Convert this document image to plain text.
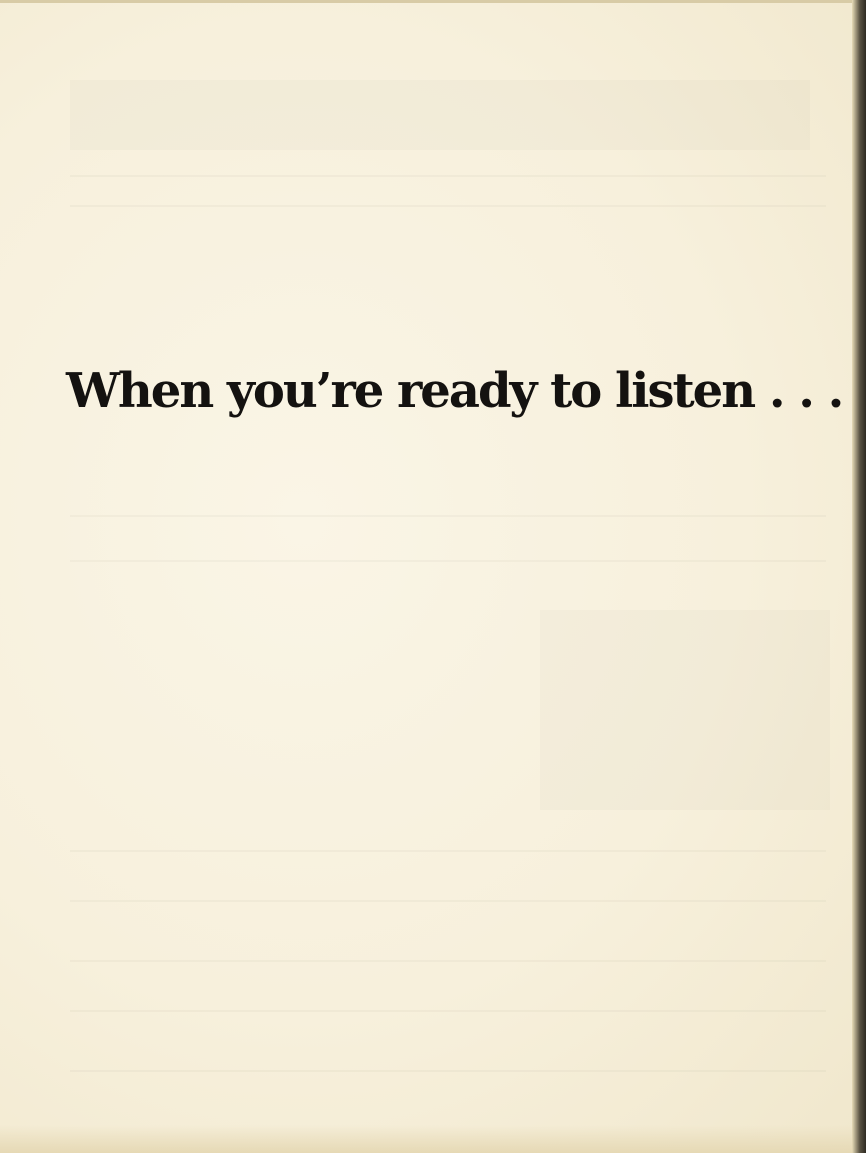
When you’re ready to listen . . .
